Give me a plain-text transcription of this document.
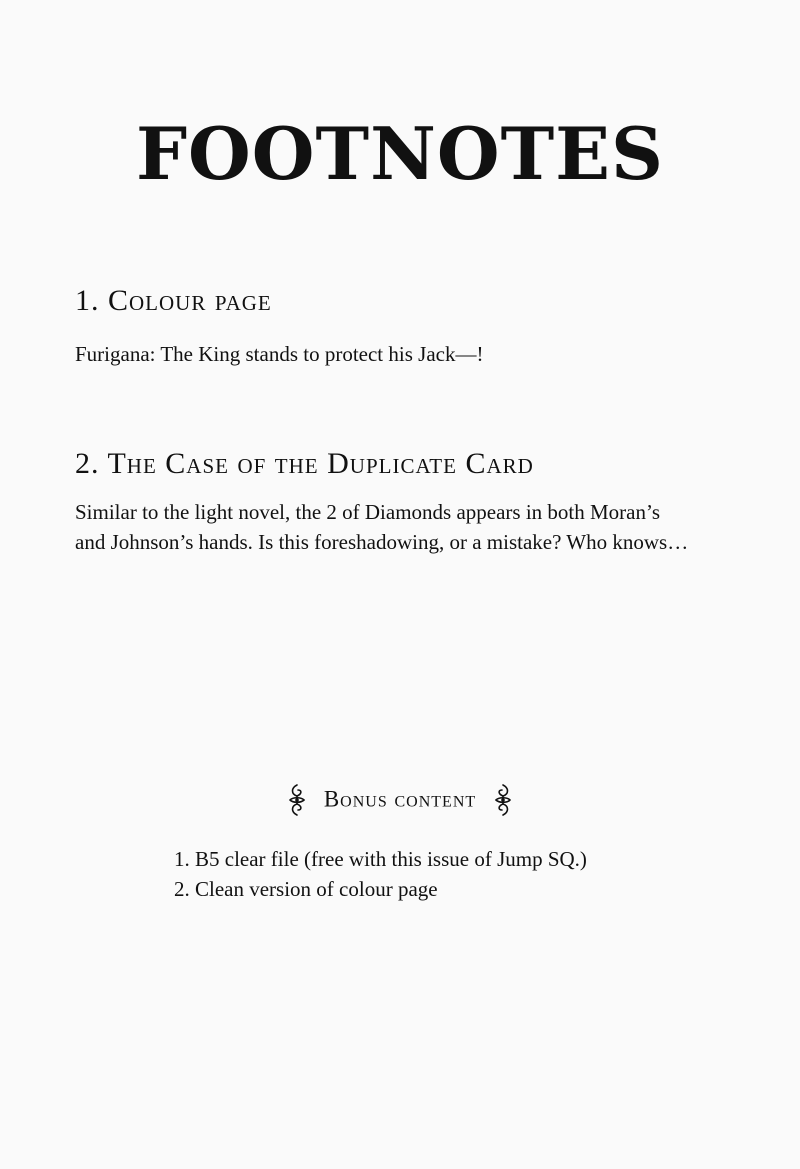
FOOTNOTES
1. Colour page
Furigana: The King stands to protect his Jack—!
2. The Case of the Duplicate Card
Similar to the light novel, the 2 of Diamonds appears in both Moran’s
and Johnson’s hands. Is this foreshadowing, or a mistake? Who knows…
Bonus content
1. B5 clear file (free with this issue of Jump SQ.)
2. Clean version of colour page
